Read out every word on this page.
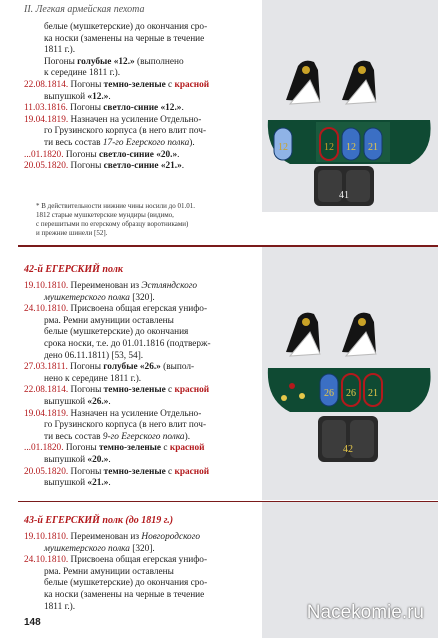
II. Легкая армейская пехота
белые (мушкетерские) до окончания сро-
ка носки (заменены на черные в течение
1811 г.).
Погоны голубые «12.» (выполнено
к середине 1811 г.).
22.08.1814. Погоны темно-зеленые с красной
выпушкой «12.».
11.03.1816. Погоны светло-синие «12.».
19.04.1819. Назначен на усиление Отдельно-
го Грузинского корпуса (в него влит поч-
ти весь состав 17-го Егерского полка).
...01.1820. Погоны светло-синие «20.».
20.05.1820. Погоны светло-синие «21.».
* В действительности нижние чины носили до 01.01.
1812 старые мушкетерские мундиры (видимо,
с перешитыми по егерскому образцу воротниками)
и прежние шинели [52].
12	12 12 21
41
42-й ЕГЕРСКИЙ полк
19.10.1810. Переименован из Эстляндского
мушкетерского полка [320].
24.10.1810. Присвоена общая егерская унифо-
рма. Ремни амуниции оставлены
белые (мушкетерские) до окончания
срока носки, т.е. до 01.01.1816 (подтверж-
дено 06.11.1811) [53, 54].
27.03.1811. Погоны голубые «26.» (выпол-
нено к середине 1811 г.).
22.08.1814. Погоны темно-зеленые с красной
выпушкой «26.».
19.04.1819. Назначен на усиление Отдельно-
го Грузинского корпуса (в него влит поч-
ти весь состав 9-го Егерского полка).
...01.1820. Погоны темно-зеленые с красной
выпушкой «20.».
20.05.1820. Погоны темно-зеленые с красной
выпушкой «21.».
26 26 21
42
43-й ЕГЕРСКИЙ полк (до 1819 г.)
19.10.1810. Переименован из Новгородского
мушкетерского полка [320].
24.10.1810. Присвоена общая егерская унифо-
рма. Ремни амуниции оставлены
белые (мушкетерские) до окончания сро-
ка носки (заменены на черные в течение
1811 г.).
148	Nacekomie.ru
